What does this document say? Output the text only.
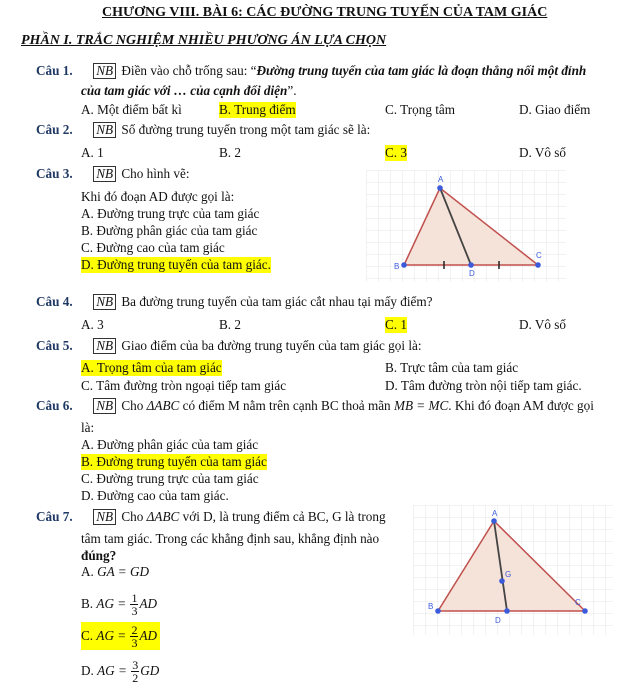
CHƯƠNG VIII. BÀI 6: CÁC ĐƯỜNG TRUNG TUYẾN CỦA TAM GIÁC
PHẦN I. TRẮC NGHIỆM NHIỀU PHƯƠNG ÁN LỰA CHỌN
Câu 1. NB Điền vào chỗ trống sau: “Đường trung tuyến của tam giác là đoạn thẳng nối một đỉnh
của tam giác với … của cạnh đối diện”.
A. Một điểm bất kì	B. Trung điểm	C. Trọng tâm	D. Giao điểm
Câu 2. NB Số đường trung tuyến trong một tam giác sẽ là:
A. 1	B. 2	C. 3	D. Vô số
Câu 3. NB Cho hình vẽ:
Khi đó đoạn AD được gọi là:
A. Đường trung trực của tam giác
B. Đường phân giác của tam giác
C. Đường cao của tam giác
D. Đường trung tuyến của tam giác.
A
B
C
D
Câu 4. NB Ba đường trung tuyến của tam giác cắt nhau tại mấy điểm?
A. 3	B. 2	C. 1	D. Vô số
Câu 5. NB Giao điểm của ba đường trung tuyến của tam giác gọi là:
A. Trọng tâm của tam giác	B. Trực tâm của tam giác
C. Tâm đường tròn ngoại tiếp tam giác	D. Tâm đường tròn nội tiếp tam giác.
Câu 6. NB Cho ΔABC có điểm M nằm trên cạnh BC thoả mãn MB = MC. Khi đó đoạn AM được gọi
là:
A. Đường phân giác của tam giác
B. Đường trung tuyến của tam giác
C. Đường trung trực của tam giác
D. Đường cao của tam giác.
Câu 7. NB Cho ΔABC với D, là trung điểm cả BC, G là trong
tâm tam giác. Trong các khẳng định sau, khẳng định nào
đúng?
A. GA = GD
B. AG = $\frac{1}{3}$ AD
C. AG = $\frac{2}{3}$ AD
D. AG = $\frac{3}{2}$ GD
A
B	C
D
G
